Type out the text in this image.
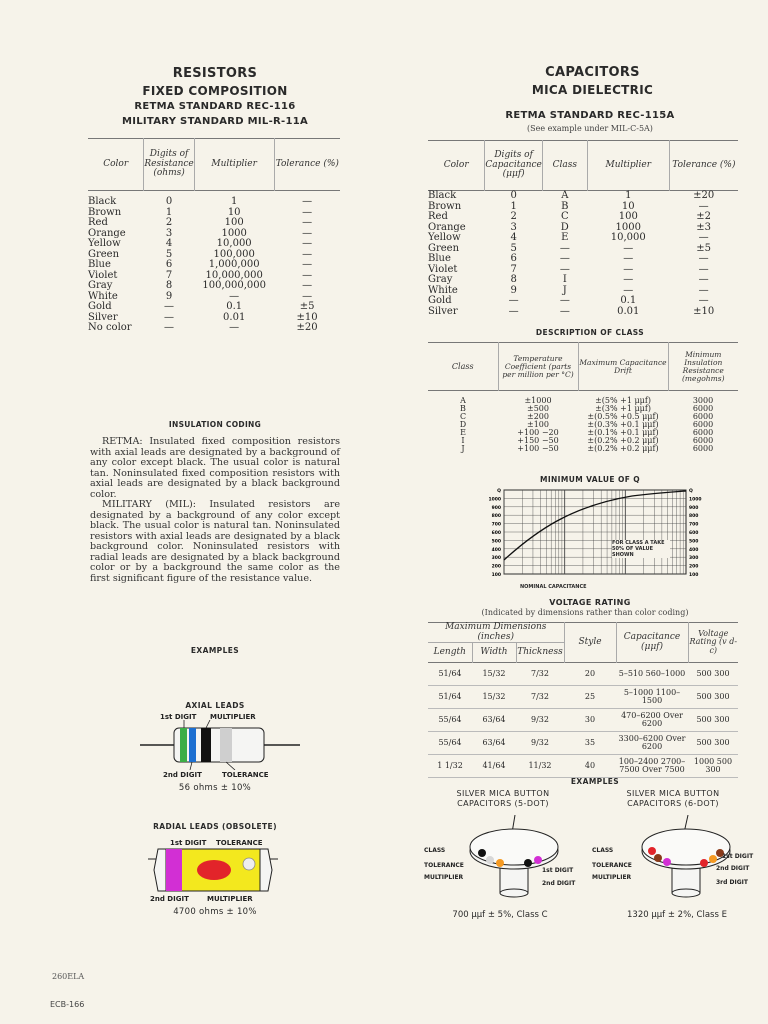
RESISTORS
FIXED COMPOSITION
RETMA STANDARD REC-116
MILITARY STANDARD MIL-R-11A
Color	Digits of Resistance (ohms)	Multiplier	Tolerance (%)

Black	0	1	—
Brown	1	10	—
Red	2	100	—
Orange	3	1000	—
Yellow	4	10,000	—
Green	5	100,000	—
Blue	6	1,000,000	—
Violet	7	10,000,000	—
Gray	8	100,000,000	—
White	9	—	—
Gold	—	0.1	±5
Silver	—	0.01	±10
No color	—	—	±20
INSULATION CODING
RETMA: Insulated fixed composition resistors with axial leads are designated by a background of any color except black. The usual color is natural tan. Noninsulated fixed composition resistors with axial leads are designated by a black background color.
MILITARY (MIL): Insulated resistors are designated by a background of any color except black. The usual color is natural tan. Noninsulated resistors with axial leads are designated by a black background color. Noninsulated resistors with radial leads are designated by a black background color or by a background the same color as the first significant figure of the resistance value.
EXAMPLES
AXIAL LEADS
1st DIGIT MULTIPLIER
2nd DIGIT	TOLERANCE
56 ohms ± 10%
RADIAL LEADS (OBSOLETE)
1st DIGIT TOLERANCE
2nd DIGIT	MULTIPLIER
4700 ohms ± 10%
260ELA
ECB-166
CAPACITORS
MICA DIELECTRIC
RETMA STANDARD REC-115A
(See example under MIL-C-5A)
Color	Digits of Capacitance (μμf)	Class	Multiplier	Tolerance (%)
Black	0	A	1	±20
Brown	1	B	10	—
Red	2	C	100	±2
Orange	3	D	1000	±3
Yellow	4	E	10,000	—
Green	5	—	—	±5
Blue	6	—	—	—
Violet	7	—	—	—
Gray	8	I	—	—
White	9	J	—	—
Gold	—	—	0.1	—
Silver	—	—	0.01	±10
DESCRIPTION OF CLASS
Class	Temperature Coefficient (parts per million per °C)	Maximum Capacitance Drift	Minimum Insulation Resistance (megohms)

A	±1000	±(5% +1 μμf)	3000
B	±500	±(3% +1 μμf)	6000
C	±200	±(0.5% +0.5 μμf)	6000
D	±100	±(0.3% +0.1 μμf)	6000
E	+100 −20	±(0.1% +0.1 μμf)	6000
I	+150 −50	±(0.2% +0.2 μμf)	6000
J	+100 −50	±(0.2% +0.2 μμf)	6000
MINIMUM VALUE OF Q
Q	Q
1000	1000
900	900
800	800
700	700
600	600
500	500
400	400
300	300
200	200
100	100
FOR CLASS A TAKE 50% OF VALUE SHOWN
NOMINAL CAPACITANCE
VOLTAGE RATING
(Indicated by dimensions rather than color coding)
Maximum Dimensions (inches)			Style	Capacitance (μμf)	Voltage Rating (v d-c)
Length	Width	Thickness			
51/64	15/32	7/32	20	5–510 560–1000	500 300
51/64	15/32	7/32	25	5–1000 1100–1500	500 300
55/64	63/64	9/32	30	470–6200 Over 6200	500 300
55/64	63/64	9/32	35	3300–6200 Over 6200	500 300
1 1/32	41/64	11/32	40	100–2400 2700–7500 Over 7500	1000 500 300
EXAMPLES
SILVER MICA BUTTON CAPACITORS (5-DOT)
SILVER MICA BUTTON CAPACITORS (6-DOT)
CLASS
TOLERANCE
MULTIPLIER
1st DIGIT
2nd DIGIT
700 μμf ± 5%, Class C
CLASS
TOLERANCE
MULTIPLIER
1st DIGIT
2nd DIGIT
3rd DIGIT
1320 μμf ± 2%, Class E
